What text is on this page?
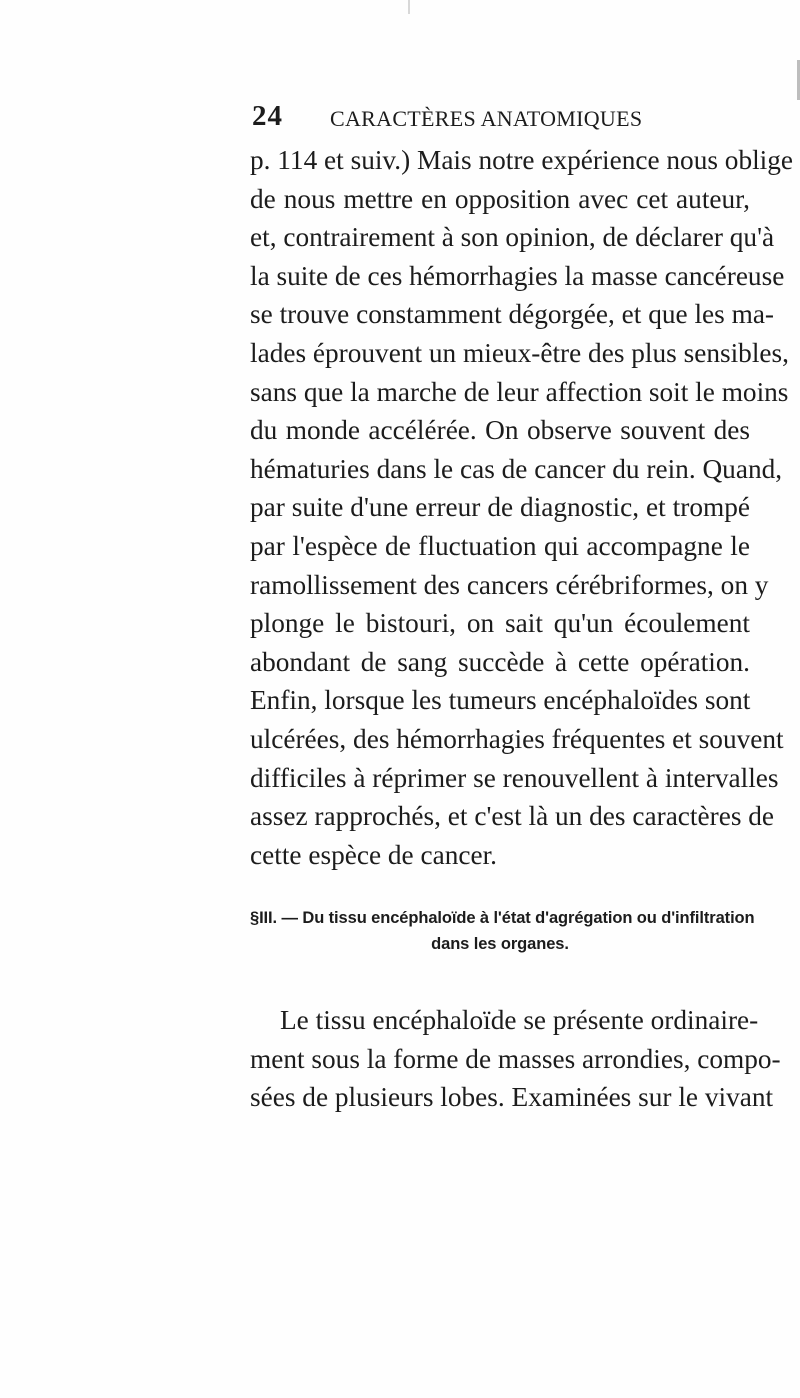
24 CARACTÈRES ANATOMIQUES
p. 114 et suiv.) Mais notre expérience nous oblige
de nous mettre en opposition avec cet auteur,
et, contrairement à son opinion, de déclarer qu'à
la suite de ces hémorrhagies la masse cancéreuse
se trouve constamment dégorgée, et que les ma-
lades éprouvent un mieux-être des plus sensibles,
sans que la marche de leur affection soit le moins
du monde accélérée. On observe souvent des
hématuries dans le cas de cancer du rein. Quand,
par suite d'une erreur de diagnostic, et trompé
par l'espèce de fluctuation qui accompagne le
ramollissement des cancers cérébriformes, on y
plonge le bistouri, on sait qu'un écoulement
abondant de sang succède à cette opération.
Enfin, lorsque les tumeurs encéphaloïdes sont
ulcérées, des hémorrhagies fréquentes et souvent
difficiles à réprimer se renouvellent à intervalles
assez rapprochés, et c'est là un des caractères de
cette espèce de cancer.
§III. — Du tissu encéphaloïde à l'état d'agrégation ou d'infiltration
dans les organes.
Le tissu encéphaloïde se présente ordinaire-
ment sous la forme de masses arrondies, compo-
sées de plusieurs lobes. Examinées sur le vivant
